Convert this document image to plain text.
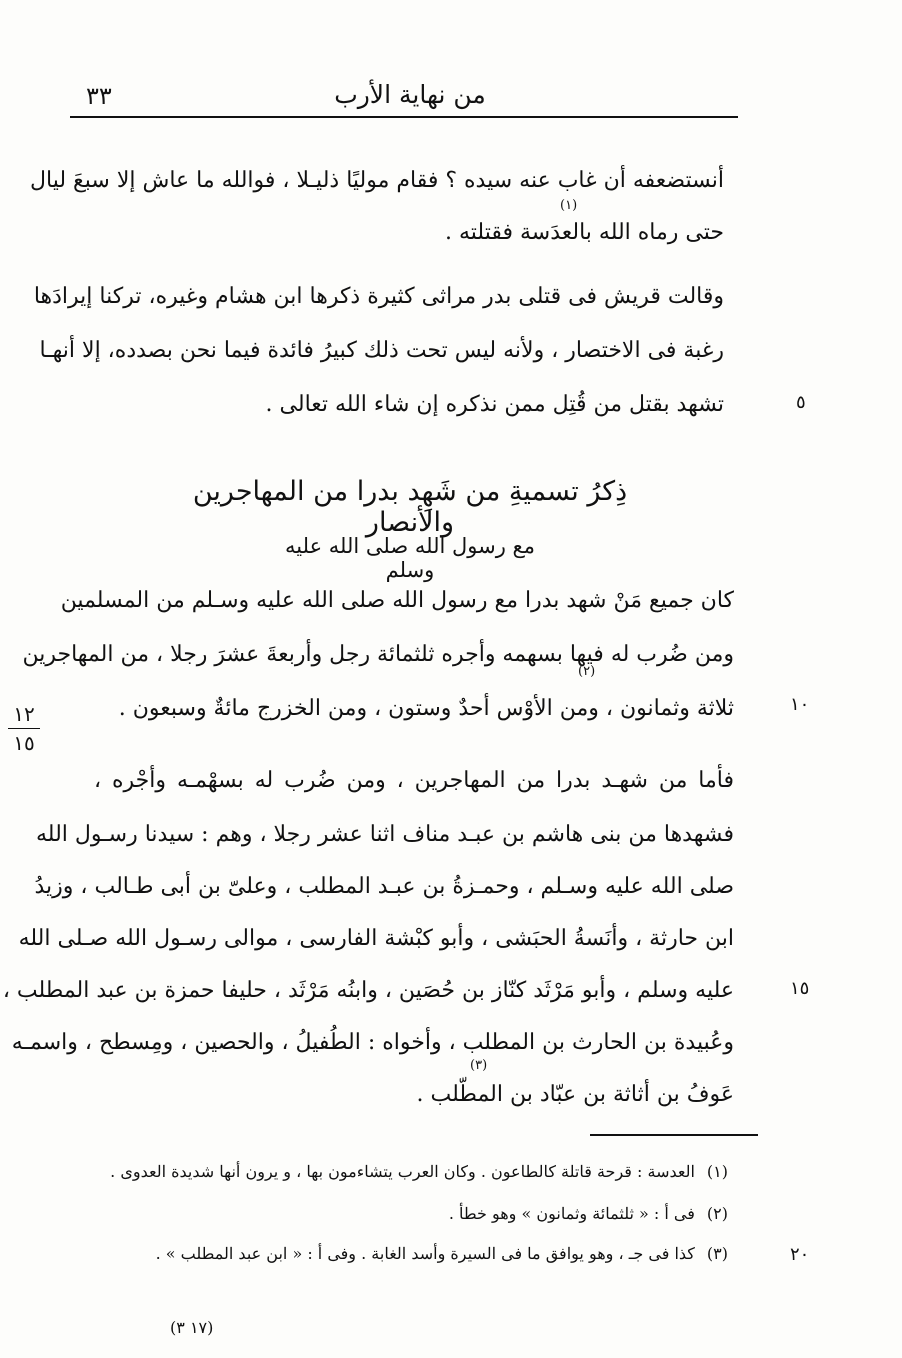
من نهاية الأرب
٣٣
أنستضعفه أن غاب عنه سيده ؟ فقام موليًا ذليـلا ، فوالله ما عاش إلا سبعَ ليال
(١)
حتى رماه الله بالعدَسة فقتلته .
وقالت قريش فى قتلى بدر مراثى كثيرة ذكرها ابن هشام وغيره، تركنا إيرادَها
رغبة فى الاختصار ، ولأنه ليس تحت ذلك كبيرُ فائدة فيما نحن بصدده، إلا أنهـا
تشهد بقتل من قُتِل ممن نذكره إن شاء الله تعالى .	٥
ذِكرُ تسميةِ من شَهِد بدرا من المهاجرين والأنصار
مع رسول الله صلى الله عليه وسلم
كان جميع مَنْ شهد بدرا مع رسول الله صلى الله عليه وسـلم من المسلمين
ومن ضُرب له فيها بسهمه وأجره ثلثمائة رجل وأربعةَ عشرَ رجلا ، من المهاجرين
(٢)
ثلاثة وثمانون ، ومن الأوْس أحدٌ وستون ، ومن الخزرج مائةٌ وسبعون .	١٠
١٢
١٥
فأما من شهـد بدرا من المهاجرين ، ومن ضُرب له بسهْمـه وأجْره ،
فشهدها من بنى هاشم بن عبـد مناف اثنا عشر رجلا ، وهم : سيدنا رسـول الله
صلى الله عليه وسـلم ، وحمـزةُ بن عبـد المطلب ، وعلىّ بن أبى طـالب ، وزيدُ
ابن حارثة ، وأنَسةُ الحبَشى ، وأبو كبْشة الفارسى ، موالى رسـول الله صـلى الله
عليه وسلم ، وأبو مَرْثَد كنّاز بن حُصَين ، وابنُه مَرْثَد ، حليفا حمزة بن عبد المطلب ،	١٥
وعُبيدة بن الحارث بن المطلب ، وأخواه : الطُفيلُ ، والحصين ، ومِسطح ، واسمـه
(٣)
عَوفُ بن أثاثة بن عبّاد بن المطّلب .
(١)العدسة : قرحة قاتلة كالطاعون . وكان العرب يتشاءمون بها ، و يرون أنها شديدة العدوى .
(٢)فى أ : « ثلثمائة وثمانون » وهو خطأ .
(٣)كذا فى جـ ، وهو يوافق ما فى السيرة وأسد الغابة . وفى أ : « ابن عبد المطلب » .	٢٠
(١٧ ٣)
